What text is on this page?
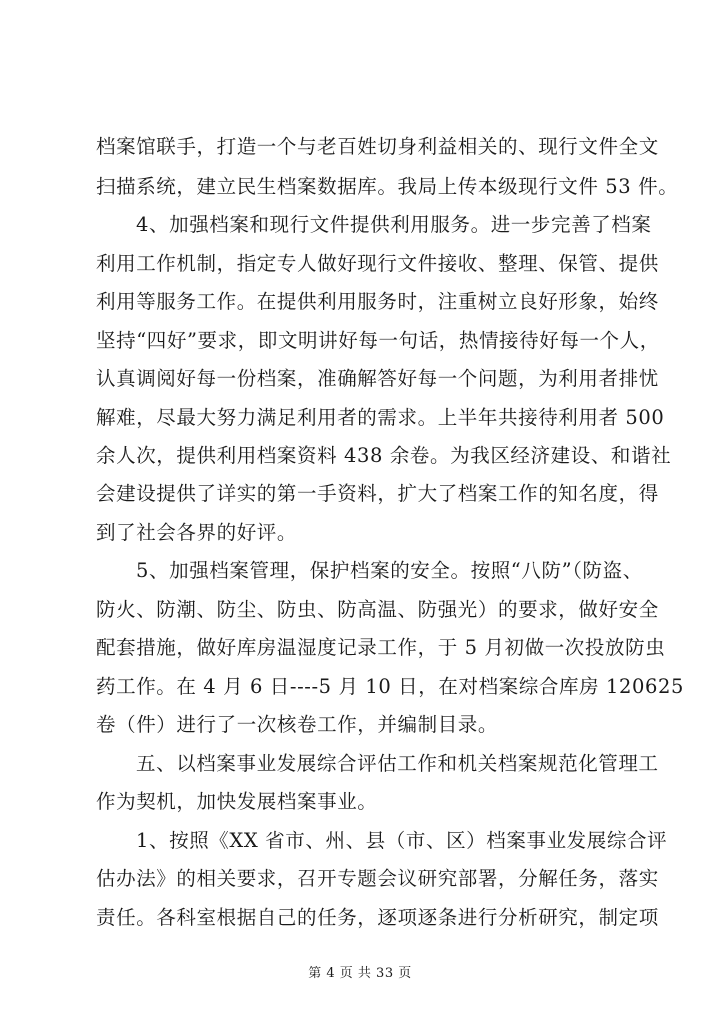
档案馆联手，打造一个与老百姓切身利益相关的、现行文件全文
扫描系统，建立民生档案数据库。我局上传本级现行文件 53 件。
4、加强档案和现行文件提供利用服务。进一步完善了档案
利用工作机制，指定专人做好现行文件接收、整理、保管、提供
利用等服务工作。在提供利用服务时，注重树立良好形象，始终
坚持“四好”要求，即文明讲好每一句话，热情接待好每一个人，
认真调阅好每一份档案，准确解答好每一个问题，为利用者排忧
解难，尽最大努力满足利用者的需求。上半年共接待利用者 500
余人次，提供利用档案资料 438 余卷。为我区经济建设、和谐社
会建设提供了详实的第一手资料，扩大了档案工作的知名度，得
到了社会各界的好评。
5、加强档案管理，保护档案的安全。按照“八防”（防盗、
防火、防潮、防尘、防虫、防高温、防强光）的要求，做好安全
配套措施，做好库房温湿度记录工作，于 5 月初做一次投放防虫
药工作。在 4 月 6 日----5 月 10 日，在对档案综合库房 120625
卷（件）进行了一次核卷工作，并编制目录。
五、以档案事业发展综合评估工作和机关档案规范化管理工
作为契机，加快发展档案事业。
1、按照《XX 省市、州、县（市、区）档案事业发展综合评
估办法》的相关要求，召开专题会议研究部署，分解任务，落实
责任。各科室根据自己的任务，逐项逐条进行分析研究，制定项
第 4 页 共 33 页
